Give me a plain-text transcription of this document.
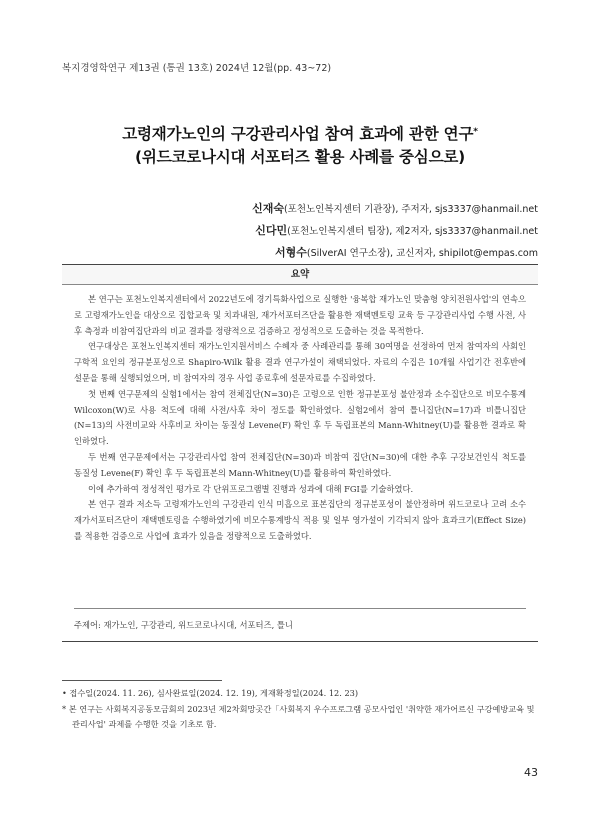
복지경영학연구 제13권 (통권 13호) 2024년 12월(pp. 43~72)
고령재가노인의 구강관리사업 참여 효과에 관한 연구*
(위드코로나시대 서포터즈 활용 사례를 중심으로)
신재숙(포천노인복지센터 기관장), 주저자, sjs3337@hanmail.net
신다민(포천노인복지센터 팀장), 제2저자, sjs3337@hanmail.net
서형수(SilverAI 연구소장), 교신저자, shipilot@empas.com
요약

본 연구는 포천노인복지센터에서 2022년도에 경기특화사업으로 실행한 '융복합 재가노인 맞춤형 양치전원사업'의 연속으로 고령재가노인을 대상으로 집합교육 및 치과내원, 재가서포터즈단을 활용한 재택멘토링 교육 등 구강관리사업 수행 사전, 사후 측정과 비참여집단과의 비교 결과를 정량적으로 검증하고 정성적으로 도출하는 것을 목적한다.

연구대상은 포천노인복지센터 재가노인지원서비스 수혜자 중 사례관리를 통해 30여명을 선정하여 먼저 참여자의 사회인구학적 요인의 정규분포성으로 Shapiro-Wilk 활용 결과 연구가설이 채택되었다. 자료의 수집은 10개월 사업기간 전후반에 설문을 통해 실행되었으며, 비 참여자의 경우 사업 종료후에 설문자료를 수집하였다.

첫 번째 연구문제의 실험1에서는 참여 전체집단(N=30)은 고령으로 인한 정규분포성 불안정과 소수집단으로 비모수통계 Wilcoxon(W)로 사용 척도에 대해 사전/사후 차이 정도를 확인하였다. 실험2에서 참여 틀니집단(N=17)과 비틀니집단(N=13)의 사전비교와 사후비교 차이는 동질성 Levene(F) 확인 후 두 독립표본의 Mann-Whitney(U)를 활용한 결과로 확인하였다.

두 번째 연구문제에서는 구강관리사업 참여 전체집단(N=30)과 비참여 집단(N=30)에 대한 추후 구강보건인식 척도를 동질성 Levene(F) 확인 후 두 독립표본의 Mann-Whitney(U)를 활용하여 확인하였다.

이에 추가하여 정성적인 평가로 각 단위프로그램별 진행과 성과에 대해 FGI를 기술하였다.

본 연구 결과 저소득 고령재가노인의 구강관리 인식 미흡으로 표본집단의 정규분포성이 불안정하며 위드코로나 고려 소수 재가서포터즈단이 재택멘토링을 수행하였기에 비모수통계방식 적용 및 일부 영가설이 기각되지 않아 효과크기(Effect Size)를 적용한 검증으로 사업에 효과가 있음을 정량적으로 도출하였다.

주제어: 재가노인, 구강관리, 위드코로나시대, 서포터즈, 틀니

• 접수일(2024. 11. 26), 심사완료일(2024. 12. 19), 게재확정일(2024. 12. 23)

* 본 연구는 사회복지공동모금회의 2023년 제2차회망곳간「사회복지 우수프로그램 공모사업인 '취약한 재가어르신 구강예방교육 및 관리사업' 과제를 수행한 것을 기초로 함.

43
